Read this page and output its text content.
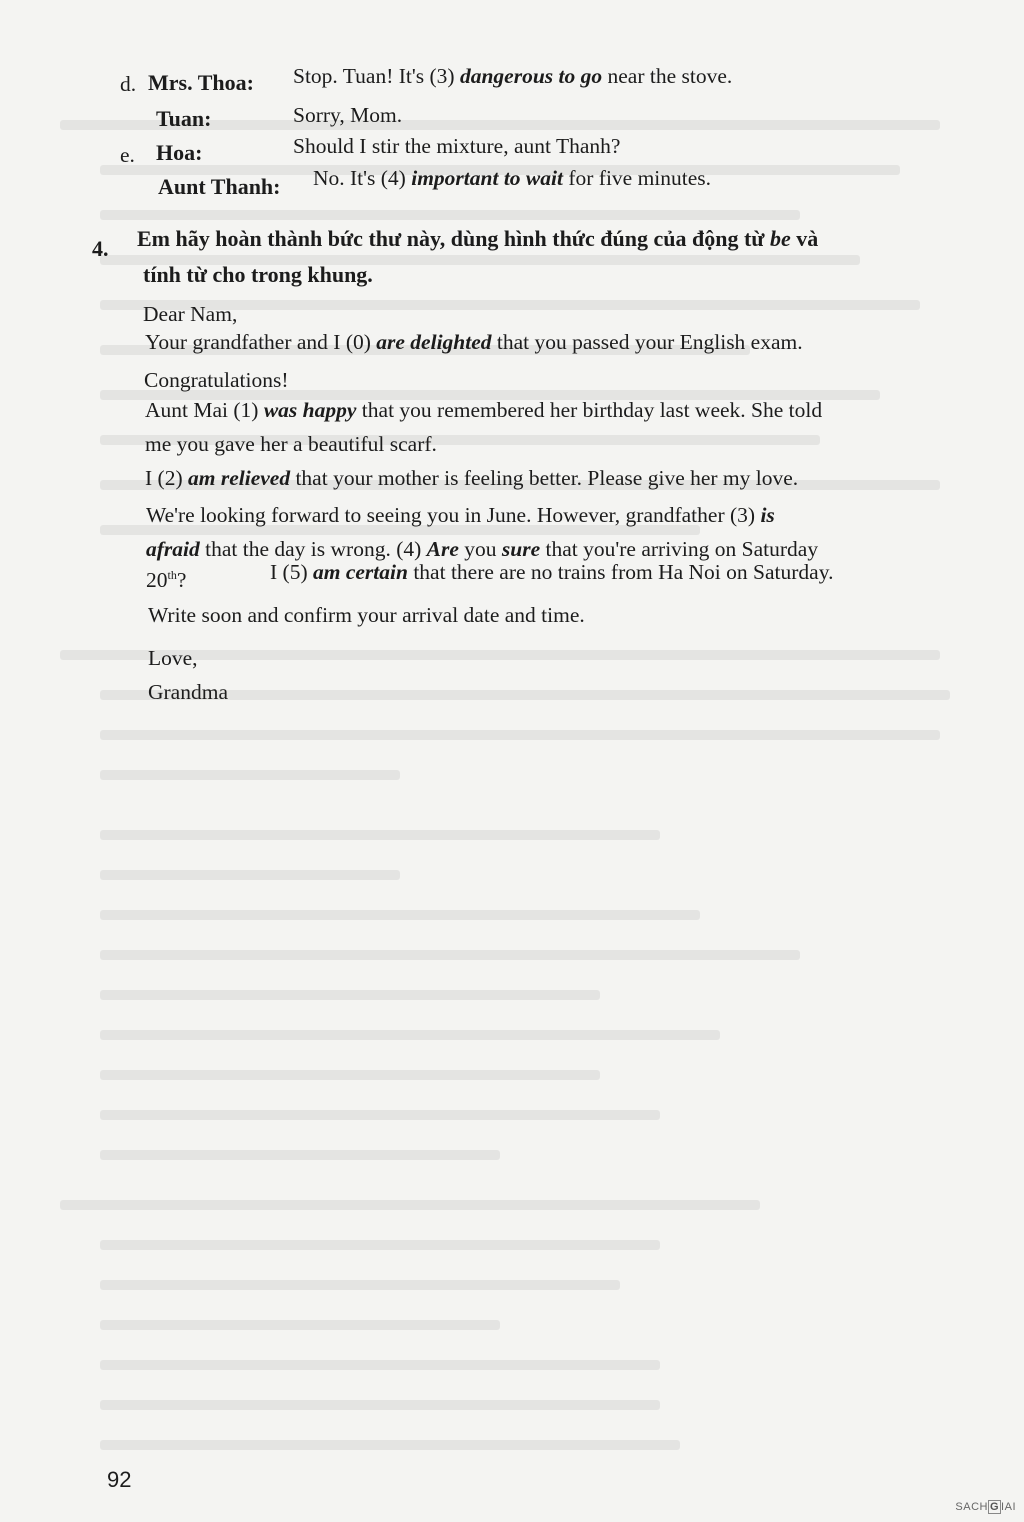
d. Mrs. Thoa: Stop. Tuan! It's (3) dangerous to go near the stove.
Tuan:	Sorry, Mom.
e. Hoa:	Should I stir the mixture, aunt Thanh?
Aunt Thanh: No. It's (4) important to wait for five minutes.
4. Em hãy hoàn thành bức thư này, dùng hình thức đúng của động từ be và
tính từ cho trong khung.
Dear Nam,
Your grandfather and I (0) are delighted that you passed your English exam.
Congratulations!
Aunt Mai (1) was happy that you remembered her birthday last week. She told
me you gave her a beautiful scarf.
I (2) am relieved that your mother is feeling better. Please give her my love.
We're looking forward to seeing you in June. However, grandfather (3) is
afraid that the day is wrong. (4) Are you sure that you're arriving on Saturday
20th?	I (5) am certain that there are no trains from Ha Noi on Saturday.
Write soon and confirm your arrival date and time.
Love,
Grandma
92
SACH G IAI
